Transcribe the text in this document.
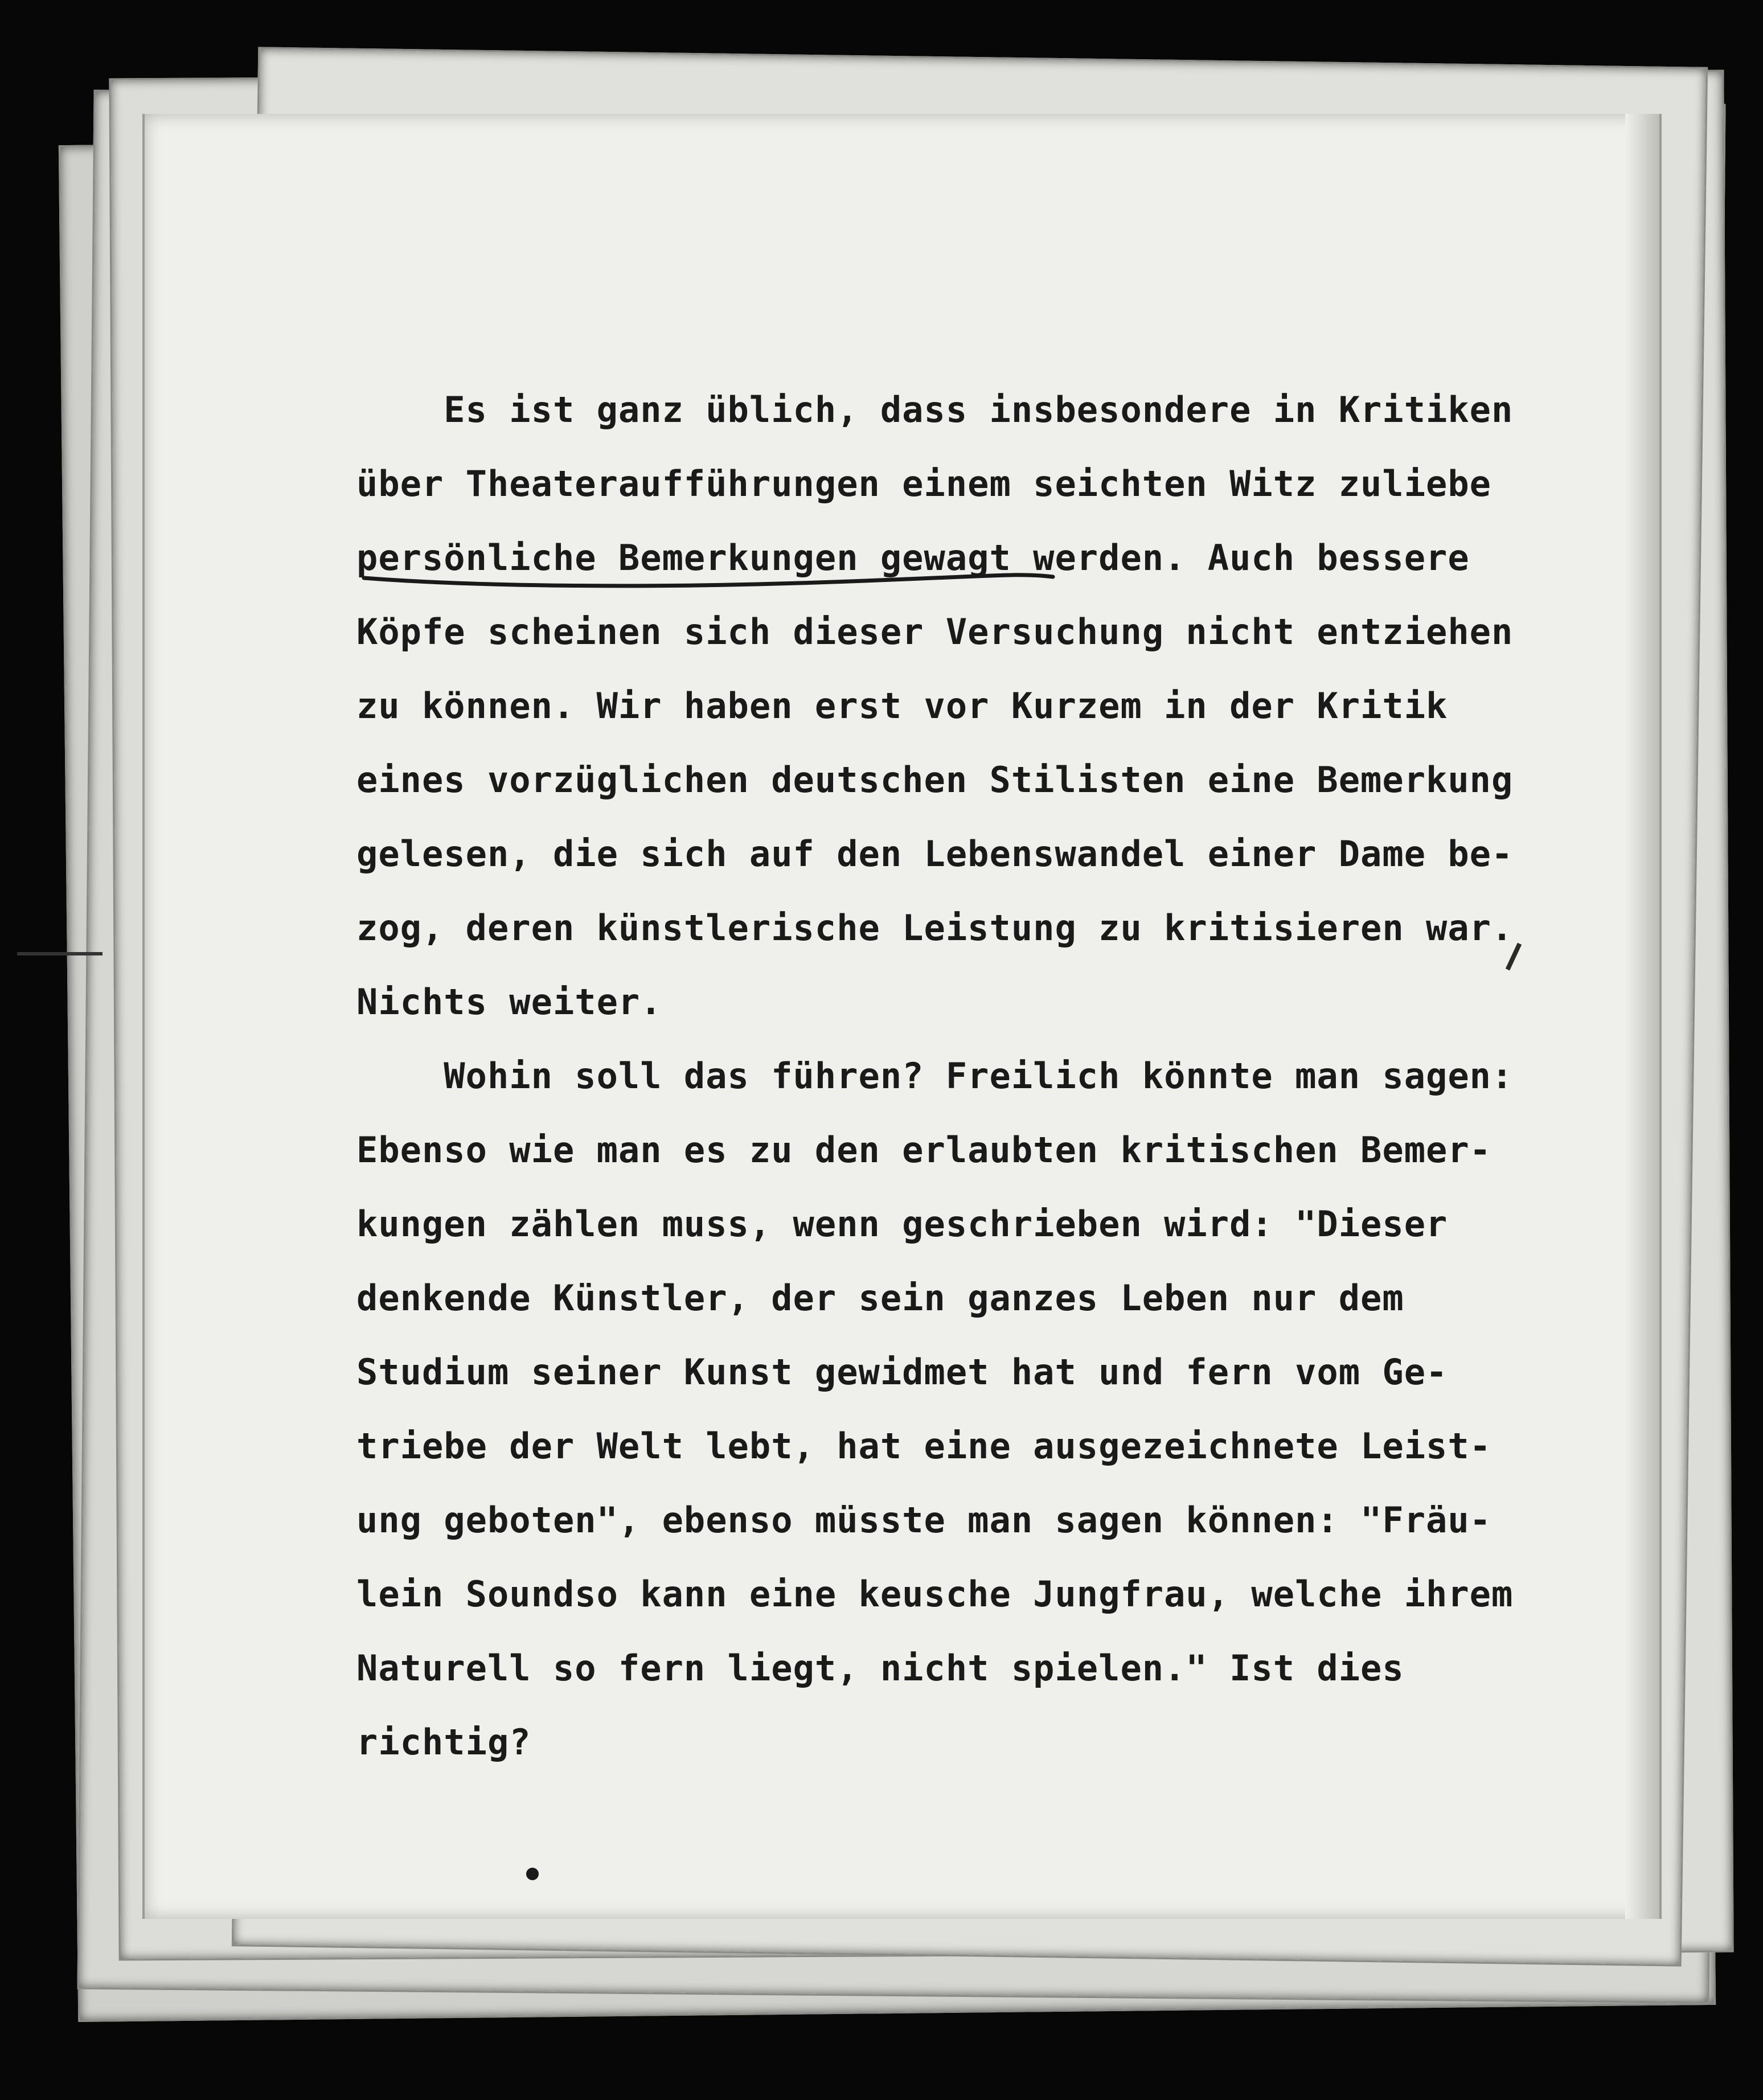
Es ist ganz üblich, dass insbesondere in Kritiken
über Theateraufführungen einem seichten Witz zuliebe
persönliche Bemerkungen gewagt werden. Auch bessere
Köpfe scheinen sich dieser Versuchung nicht entziehen
zu können. Wir haben erst vor Kurzem in der Kritik
eines vorzüglichen deutschen Stilisten eine Bemerkung
gelesen, die sich auf den Lebenswandel einer Dame be-
zog, deren künstlerische Leistung zu kritisieren war.
Nichts weiter.
Wohin soll das führen? Freilich könnte man sagen:
Ebenso wie man es zu den erlaubten kritischen Bemer-
kungen zählen muss, wenn geschrieben wird: "Dieser
denkende Künstler, der sein ganzes Leben nur dem
Studium seiner Kunst gewidmet hat und fern vom Ge-
triebe der Welt lebt, hat eine ausgezeichnete Leist-
ung geboten", ebenso müsste man sagen können: "Fräu-
lein Soundso kann eine keusche Jungfrau, welche ihrem
Naturell so fern liegt, nicht spielen." Ist dies
richtig?
